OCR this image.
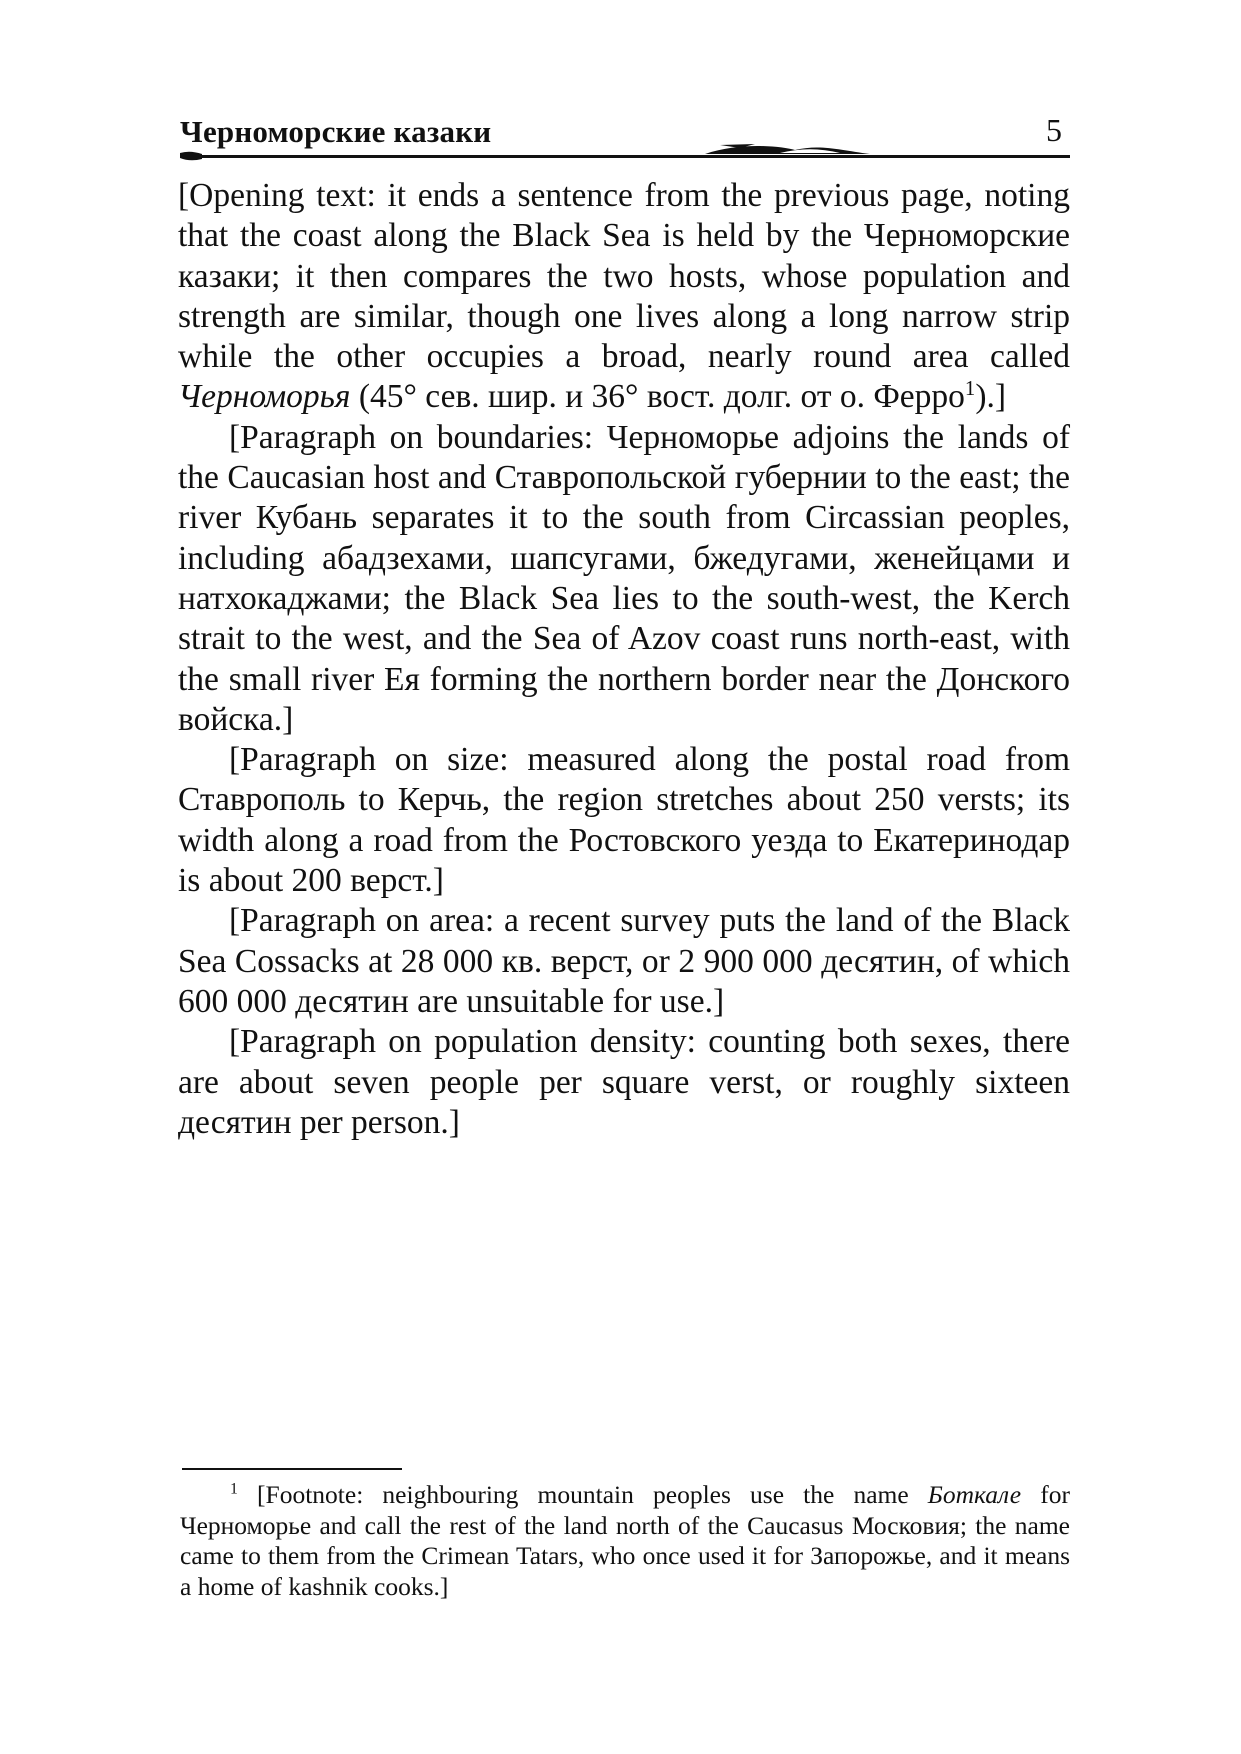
Черноморские казаки	5

[Opening text: it ends a sentence from the previous page, noting that the coast along the Black Sea is held by the Черноморские казаки; it then compares the two hosts, whose population and strength are similar, though one lives along a long narrow strip while the other occupies a broad, nearly round area called Черноморья (45° сев. шир. и 36° вост. долг. от о. Ферро$^1$).]

[Paragraph on boundaries: Черноморье adjoins the lands of the Caucasian host and Ставропольской губернии to the east; the river Кубань separates it to the south from Circassian peoples, including абадзехами, шапсугами, бжедугами, женейцами и натхокаджами; the Black Sea lies to the south-west, the Kerch strait to the west, and the Sea of Azov coast runs north-east, with the small river Ея forming the northern border near the Донского войска.]

[Paragraph on size: measured along the postal road from Ставрополь to Керчь, the region stretches about 250 versts; its width along a road from the Ростовского уезда to Екатеринодар is about 200 верст.]

[Paragraph on area: a recent survey puts the land of the Black Sea Cossacks at 28 000 кв. верст, or 2 900 000 десятин, of which 600 000 десятин are unsuitable for use.]

[Paragraph on population density: counting both sexes, there are about seven people per square verst, or roughly sixteen десятин per person.]

$^1$ [Footnote: neighbouring mountain peoples use the name Боткале for Черноморье and call the rest of the land north of the Caucasus Московия; the name came to them from the Crimean Tatars, who once used it for Запорожье, and it means a home of kashnik cooks.]
